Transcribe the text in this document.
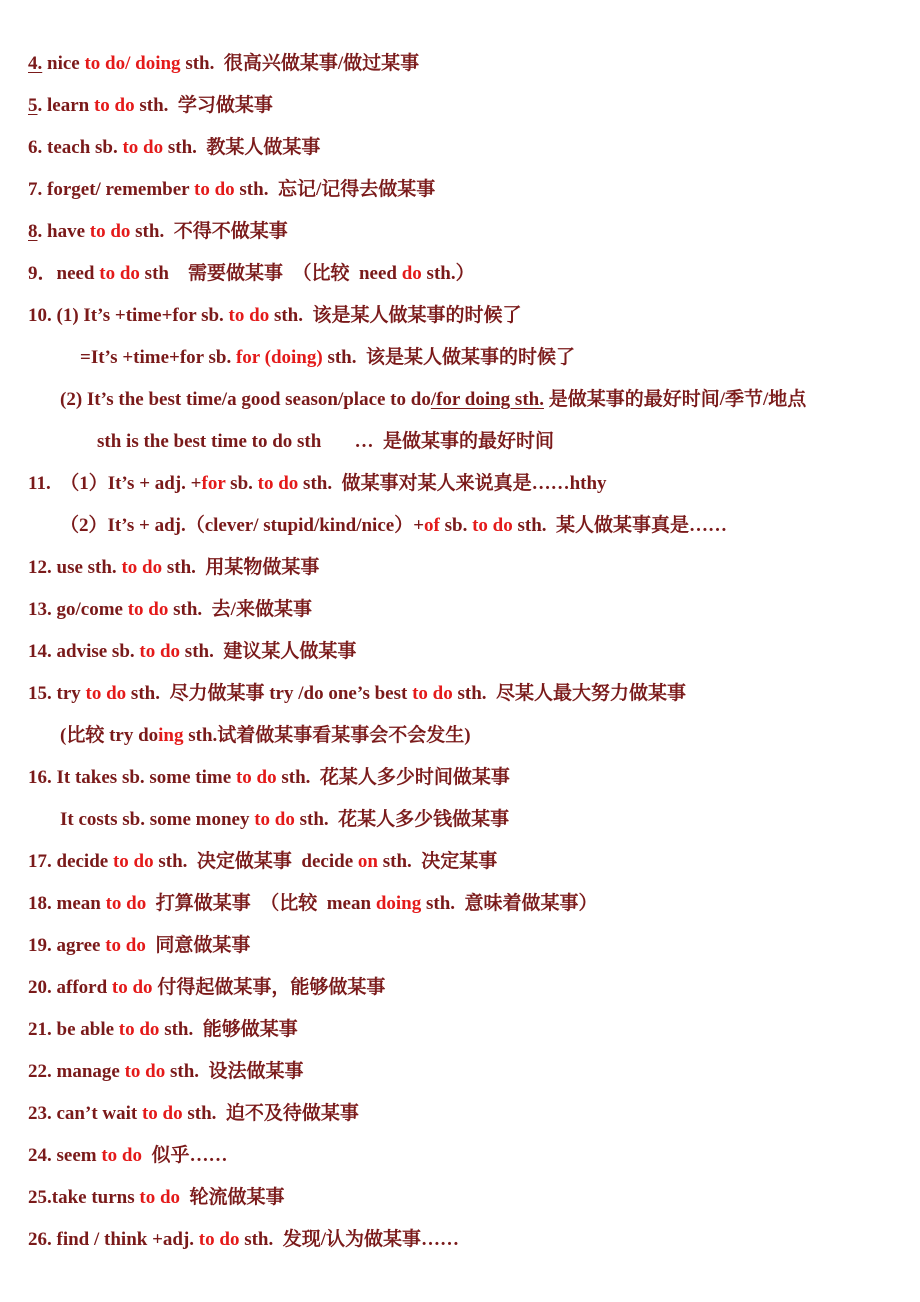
4. nice to do/ doing sth.  很高兴做某事/做过某事
5. learn to do sth.  学习做某事
6. teach sb. to do sth.  教某人做某事
7. forget/ remember to do sth.  忘记/记得去做某事
8. have to do sth.  不得不做某事
9．need to do sth    需要做某事  （比较  need do sth.）
10. (1) It’s +time+for sb. to do sth.  该是某人做某事的时候了
=It’s +time+for sb. for (doing) sth.  该是某人做某事的时候了
(2) It’s the best time/a good season/place to do/for doing sth. 是做某事的最好时间/季节/地点
sth is the best time to do sth       …  是做某事的最好时间
11.  （1）It’s + adj. +for sb. to do sth.  做某事对某人来说真是……hthy
（2）It’s + adj.（clever/ stupid/kind/nice）+of sb. to do sth.  某人做某事真是……
12. use sth. to do sth.  用某物做某事
13. go/come to do sth.  去/来做某事
14. advise sb. to do sth.  建议某人做某事
15. try to do sth.  尽力做某事 try /do one’s best to do sth.  尽某人最大努力做某事
(比较 try doing sth.试着做某事看某事会不会发生)
16. It takes sb. some time to do sth.  花某人多少时间做某事
It costs sb. some money to do sth.  花某人多少钱做某事
17. decide to do sth.  决定做某事  decide on sth.  决定某事
18. mean to do  打算做某事  （比较  mean doing sth.  意味着做某事）
19. agree to do  同意做某事
20. afford to do 付得起做某事，能够做某事
21. be able to do sth.  能够做某事
22. manage to do sth.  设法做某事
23. can’t wait to do sth.  迫不及待做某事
24. seem to do  似乎……
25.take turns to do  轮流做某事
26. find / think +adj. to do sth.  发现/认为做某事……
